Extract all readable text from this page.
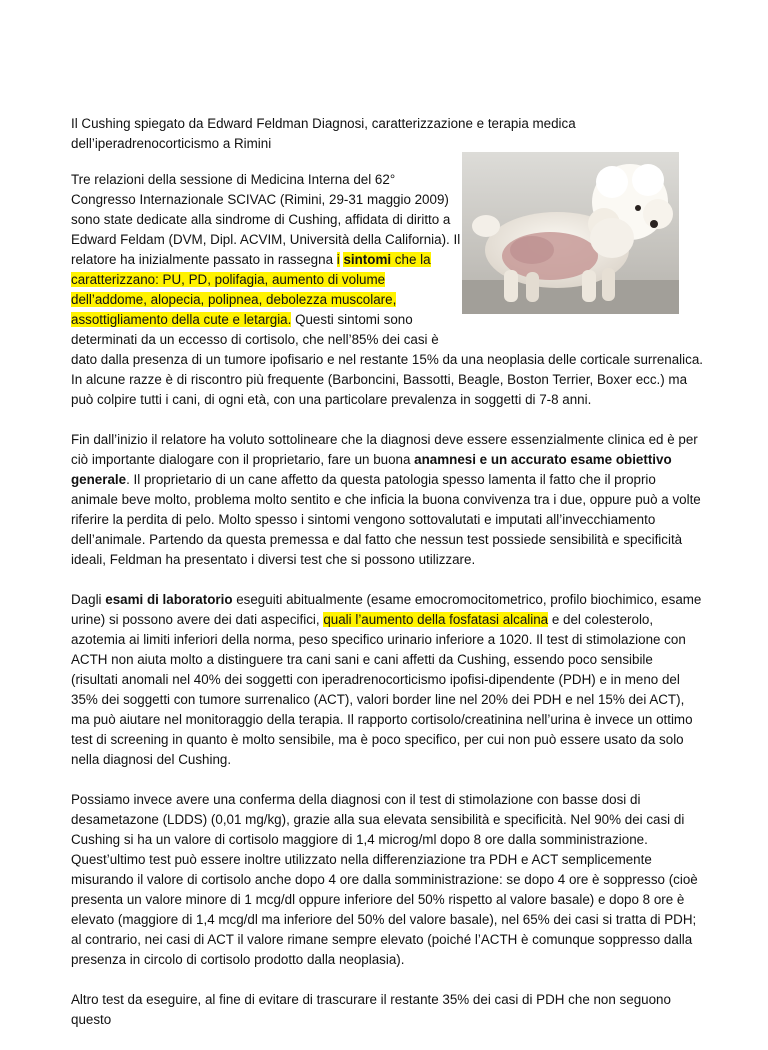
Il Cushing spiegato da Edward Feldman Diagnosi, caratterizzazione e terapia medica dell’iperadrenocorticismo a Rimini

Tre relazioni della sessione di Medicina Interna del 62° Congresso Internazionale SCIVAC (Rimini, 29-31 maggio 2009) sono state dedicate alla sindrome di Cushing, affidata di diritto a Edward Feldam (DVM, Dipl. ACVIM, Università della California). Il relatore ha inizialmente passato in rassegna i sintomi che la caratterizzano: PU, PD, polifagia, aumento di volume dell’addome, alopecia, polipnea, debolezza muscolare, assottigliamento della cute e letargia. Questi sintomi sono determinati da un eccesso di cortisolo, che nell’85% dei casi è dato dalla presenza di un tumore ipofisario e nel restante 15% da una neoplasia delle corticale surrenalica. In alcune razze è di riscontro più frequente (Barboncini, Bassotti, Beagle, Boston Terrier, Boxer ecc.) ma può colpire tutti i cani, di ogni età, con una particolare prevalenza in soggetti di 7-8 anni.

Fin dall’inizio il relatore ha voluto sottolineare che la diagnosi deve essere essenzialmente clinica ed è per ciò importante dialogare con il proprietario, fare un buona anamnesi e un accurato esame obiettivo generale. Il proprietario di un cane affetto da questa patologia spesso lamenta il fatto che il proprio animale beve molto, problema molto sentito e che inficia la buona convivenza tra i due, oppure può a volte riferire la perdita di pelo. Molto spesso i sintomi vengono sottovalutati e imputati all’invecchiamento dell’animale. Partendo da questa premessa e dal fatto che nessun test possiede sensibilità e specificità ideali, Feldman ha presentato i diversi test che si possono utilizzare.

Dagli esami di laboratorio eseguiti abitualmente (esame emocromocitometrico, profilo biochimico, esame urine) si possono avere dei dati aspecifici, quali l’aumento della fosfatasi alcalina e del colesterolo, azotemia ai limiti inferiori della norma, peso specifico urinario inferiore a 1020. Il test di stimolazione con ACTH non aiuta molto a distinguere tra cani sani e cani affetti da Cushing, essendo poco sensibile (risultati anomali nel 40% dei soggetti con iperadrenocorticismo ipofisi-dipendente (PDH) e in meno del 35% dei soggetti con tumore surrenalico (ACT), valori border line nel 20% dei PDH e nel 15% dei ACT), ma può aiutare nel monitoraggio della terapia. Il rapporto cortisolo/creatinina nell’urina è invece un ottimo test di screening in quanto è molto sensibile, ma è poco specifico, per cui non può essere usato da solo nella diagnosi del Cushing.

Possiamo invece avere una conferma della diagnosi con il test di stimolazione con basse dosi di desametazone (LDDS) (0,01 mg/kg), grazie alla sua elevata sensibilità e specificità. Nel 90% dei casi di Cushing si ha un valore di cortisolo maggiore di 1,4 microg/ml dopo 8 ore dalla somministrazione. Quest’ultimo test può essere inoltre utilizzato nella differenziazione tra PDH e ACT semplicemente misurando il valore di cortisolo anche dopo 4 ore dalla somministrazione: se dopo 4 ore è soppresso (cioè presenta un valore minore di 1 mcg/dl oppure inferiore del 50% rispetto al valore basale) e dopo 8 ore è elevato (maggiore di 1,4 mcg/dl ma inferiore del 50% del valore basale), nel 65% dei casi si tratta di PDH; al contrario, nei casi di ACT il valore rimane sempre elevato (poiché l’ACTH è comunque soppresso dalla presenza in circolo di cortisolo prodotto dalla neoplasia).

Altro test da eseguire, al fine di evitare di trascurare il restante 35% dei casi di PDH che non seguono questo
